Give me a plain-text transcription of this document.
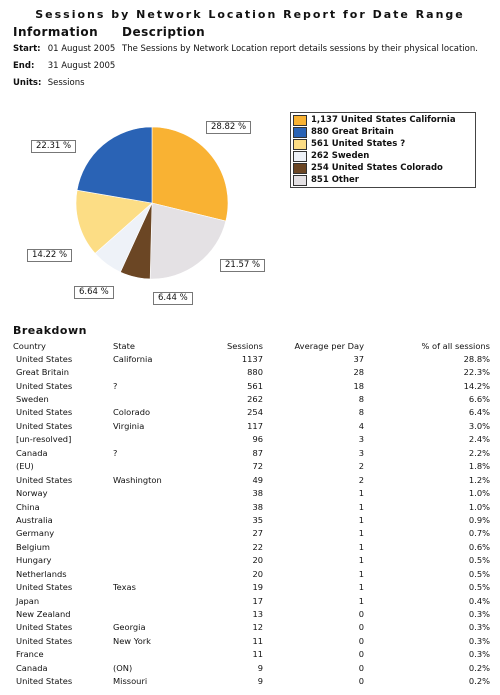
Sessions by Network Location Report for Date Range
Information Description
Start: 01 August 2005
End: 31 August 2005
Units: Sessions
The Sessions by Network Location report details sessions by their physical location.
28.82 %
21.57 %
6.44 %
6.64 %
14.22 %
22.31 %
1,137 United States California
880 Great Britain
561 United States ?
262 Sweden
254 United States Colorado
851 Other
Breakdown
Country	State	Sessions	Average per Day	% of all sessions
United States	California	1137	37	28.8%
Great Britain		880	28	22.3%
United States	?	561	18	14.2%
Sweden		262	8	6.6%
United States	Colorado	254	8	6.4%
United States	Virginia	117	4	3.0%
[un-resolved]		96	3	2.4%
Canada	?	87	3	2.2%
(EU)		72	2	1.8%
United States	Washington	49	2	1.2%
Norway		38	1	1.0%
China		38	1	1.0%
Australia		35	1	0.9%
Germany		27	1	0.7%
Belgium		22	1	0.6%
Hungary		20	1	0.5%
Netherlands		20	1	0.5%
United States	Texas	19	1	0.5%
Japan		17	1	0.4%
New Zealand		13	0	0.3%
United States	Georgia	12	0	0.3%
United States	New York	11	0	0.3%
France		11	0	0.3%
Canada	(ON)	9	0	0.2%
United States	Missouri	9	0	0.2%
